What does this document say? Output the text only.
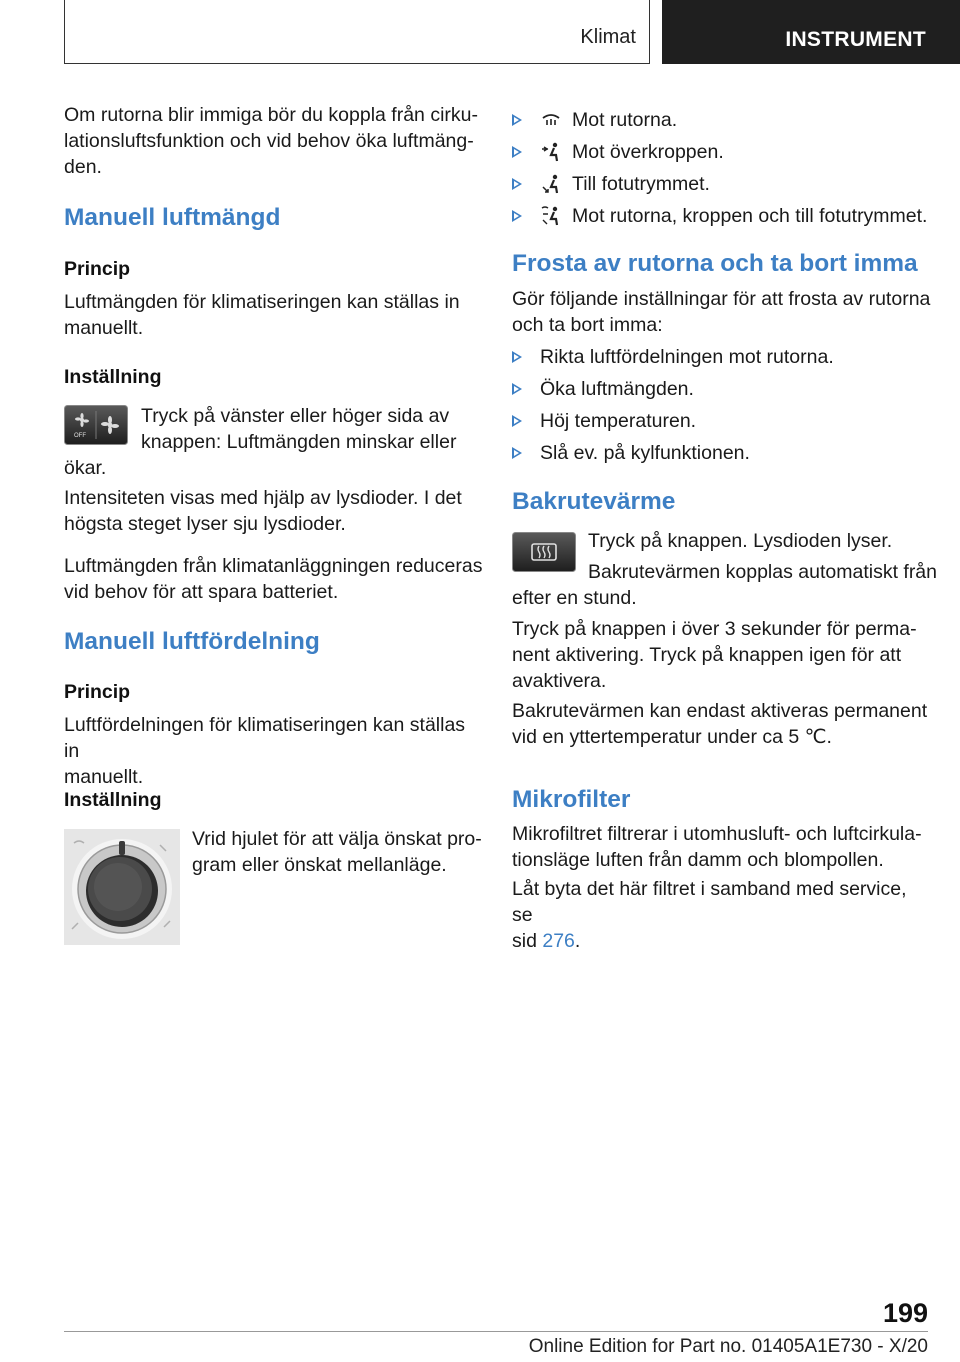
Klimat	INSTRUMENT
Om rutorna blir immiga bör du koppla från cirku-
lationsluftsfunktion och vid behov öka luftmäng-
den.
Manuell luftmängd
Princip
Luftmängden för klimatiseringen kan ställas in
manuellt.
Inställning
OFF
Tryck på vänster eller höger sida av
knappen: Luftmängden minskar eller
ökar.
Intensiteten visas med hjälp av lysdioder. I det
högsta steget lyser sju lysdioder.
Luftmängden från klimatanläggningen reduceras
vid behov för att spara batteriet.
Manuell luftfördelning
Princip
Luftfördelningen för klimatiseringen kan ställas in
manuellt.
Inställning
Vrid hjulet för att välja önskat pro-
gram eller önskat mellanläge.
Mot rutorna.
Mot överkroppen.
Till fotutrymmet.
Mot rutorna, kroppen och till fotutrymmet.
Frosta av rutorna och ta bort imma
Gör följande inställningar för att frosta av rutorna
och ta bort imma:
Rikta luftfördelningen mot rutorna.
Öka luftmängden.
Höj temperaturen.
Slå ev. på kylfunktionen.
Bakrutevärme
Tryck på knappen. Lysdioden lyser.
Bakrutevärmen kopplas automatiskt från
efter en stund.
Tryck på knappen i över 3 sekunder för perma-
nent aktivering. Tryck på knappen igen för att
avaktivera.
Bakrutevärmen kan endast aktiveras permanent
vid en yttertemperatur under ca 5 ℃.
Mikrofilter
Mikrofiltret filtrerar i utomhusluft- och luftcirkula-
tionsläge luften från damm och blompollen.
Låt byta det här filtret i samband med service, se
sid 276.
199
Online Edition for Part no. 01405A1E730 - X/20
